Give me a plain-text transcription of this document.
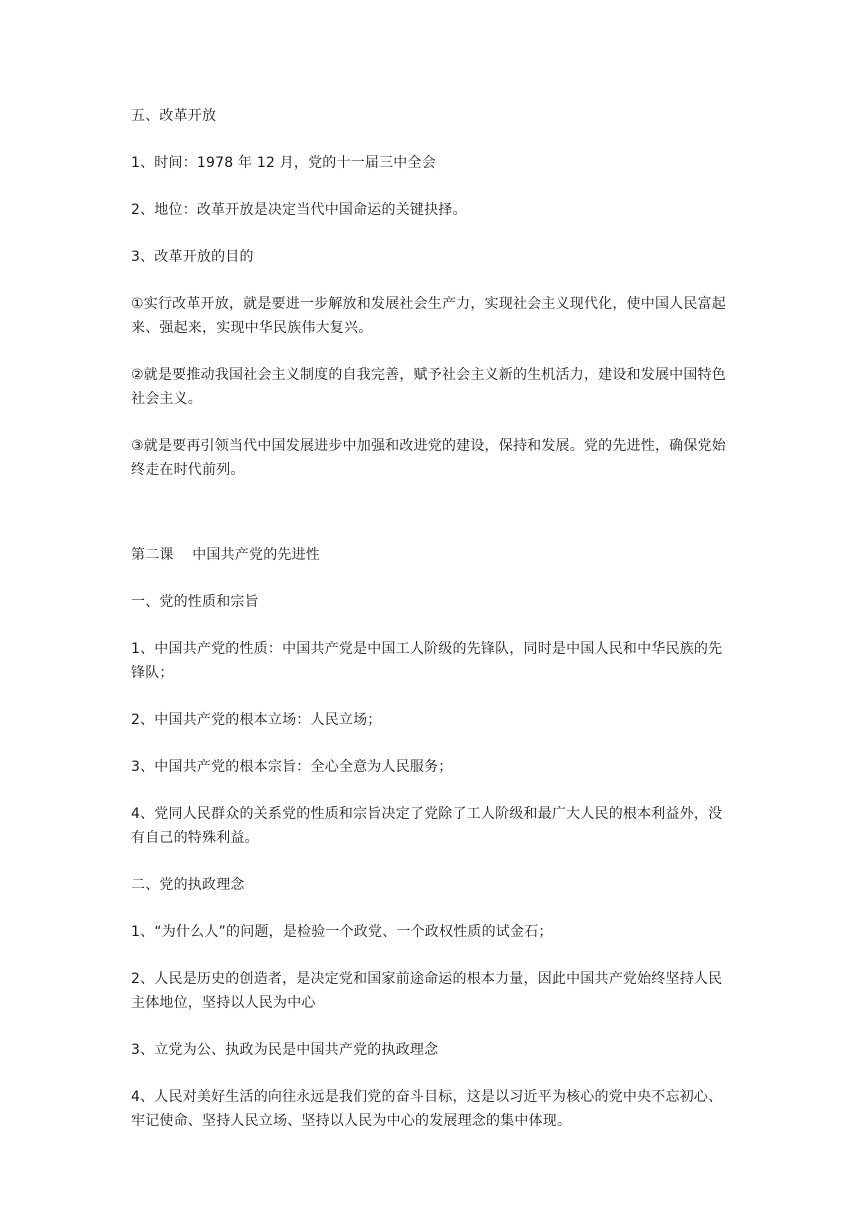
五、改革开放

1、时间：1978 年 12 月，党的十一届三中全会

2、地位：改革开放是决定当代中国命运的关键抉择。

3、改革开放的目的

①实行改革开放，就是要进一步解放和发展社会生产力，实现社会主义现代化，使中国人民富起来、强起来，实现中华民族伟大复兴。

②就是要推动我国社会主义制度的自我完善，赋予社会主义新的生机活力，建设和发展中国特色社会主义。

③就是要再引领当代中国发展进步中加强和改进党的建设，保持和发展。党的先进性，确保党始终走在时代前列。

第二课    中国共产党的先进性

一、党的性质和宗旨

1、中国共产党的性质：中国共产党是中国工人阶级的先锋队，同时是中国人民和中华民族的先锋队；

2、中国共产党的根本立场：人民立场；

3、中国共产党的根本宗旨：全心全意为人民服务；

4、党同人民群众的关系党的性质和宗旨决定了党除了工人阶级和最广大人民的根本利益外，没有自己的特殊利益。

二、党的执政理念

1、“为什么人”的问题，是检验一个政党、一个政权性质的试金石；

2、人民是历史的创造者，是决定党和国家前途命运的根本力量，因此中国共产党始终坚持人民主体地位，坚持以人民为中心

3、立党为公、执政为民是中国共产党的执政理念

4、人民对美好生活的向往永远是我们党的奋斗目标，这是以习近平为核心的党中央不忘初心、牢记使命、坚持人民立场、坚持以人民为中心的发展理念的集中体现。
